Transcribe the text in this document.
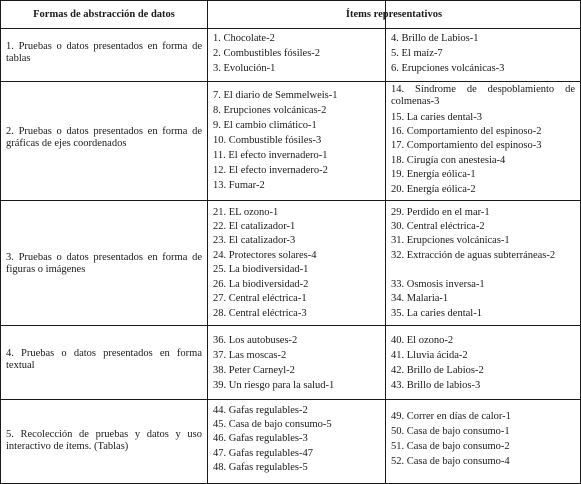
Formas de abstracción de datos	Ítems representativos
1. Pruebas o datos presentados en forma de tablas
1. Chocolate-2
2. Combustibles fósiles-2
3. Evolución-1
4. Brillo de Labios-1
5. El maíz-7
6. Erupciones volcánicas-3
2. Pruebas o datos presentados en forma de gráficas de ejes coordenados
7. El diario de Semmelweis-1
8. Erupciones volcánicas-2
9. El cambio climático-1
10. Combustible fósiles-3
11. El efecto invernadero-1
12. El efecto invernadero-2
13. Fumar-2
14. Síndrome de despoblamiento de colmenas-3
15. La caries dental-3
16. Comportamiento del espinoso-2
17. Comportamiento del espinoso-3
18. Cirugía con anestesia-4
19. Energía eólica-1
20. Energía eólica-2
3. Pruebas o datos presentados en forma de figuras o imágenes
21. EL ozono-1
22. El catalizador-1
23. El catalizador-3
24. Protectores solares-4
25. La biodiversidad-1
26. La biodiversidad-2
27. Central eléctrica-1
28. Central eléctrica-3
29. Perdido en el mar-1
30. Central eléctrica-2
31. Erupciones volcánicas-1
32. Extracción de aguas subterráneas-2
33. Osmosis inversa-1
34. Malaria-1
35. La caries dental-1
4. Pruebas o datos presentados en forma textual
36. Los autobuses-2
37. Las moscas-2
38. Peter Carneyl-2
39. Un riesgo para la salud-1
40. El ozono-2
41. Lluvia ácida-2
42. Brillo de Labios-2
43. Brillo de labios-3
5. Recolección de pruebas y datos y uso interactivo de ítems. (Tablas)
44. Gafas regulables-2
45. Casa de bajo consumo-5
46. Gafas regulables-3
47. Gafas regulables-47
48. Gafas regulables-5
49. Correr en días de calor-1
50. Casa de bajo consumo-1
51. Casa de bajo consumo-2
52. Casa de bajo consumo-4
